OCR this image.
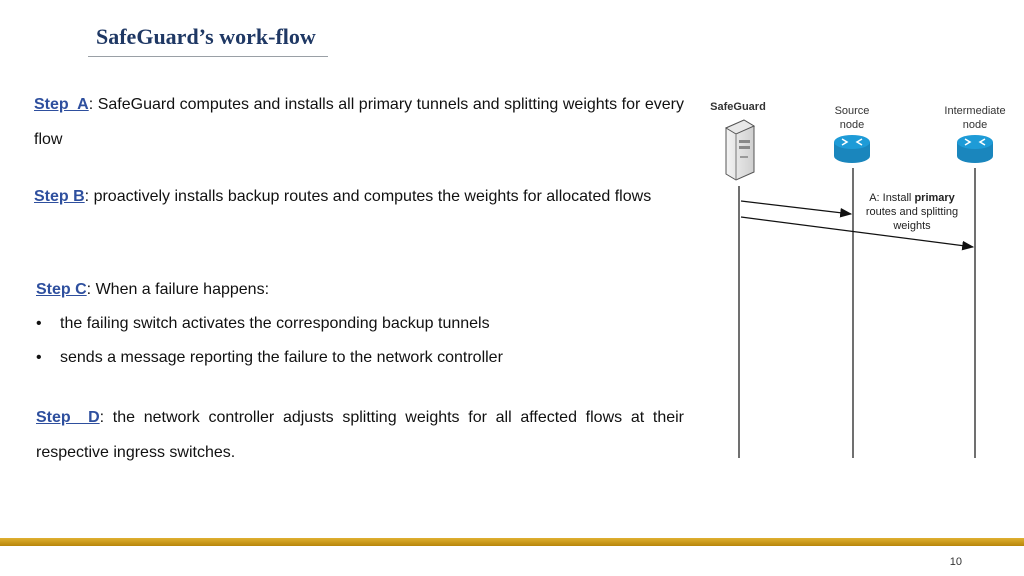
SafeGuard’s work-flow
Step  A: SafeGuard computes and installs all primary tunnels and splitting weights for every flow
Step B: proactively installs backup routes and computes the weights for allocated flows
Step C: When a failure happens:
• the failing switch activates the corresponding backup tunnels
• sends a message reporting the failure to the network controller
Step  D: the network controller adjusts splitting weights for all affected flows at their respective ingress switches.
SafeGuard	Source
node
Intermediate
node
A: Install primary
routes and splitting
weights
10
